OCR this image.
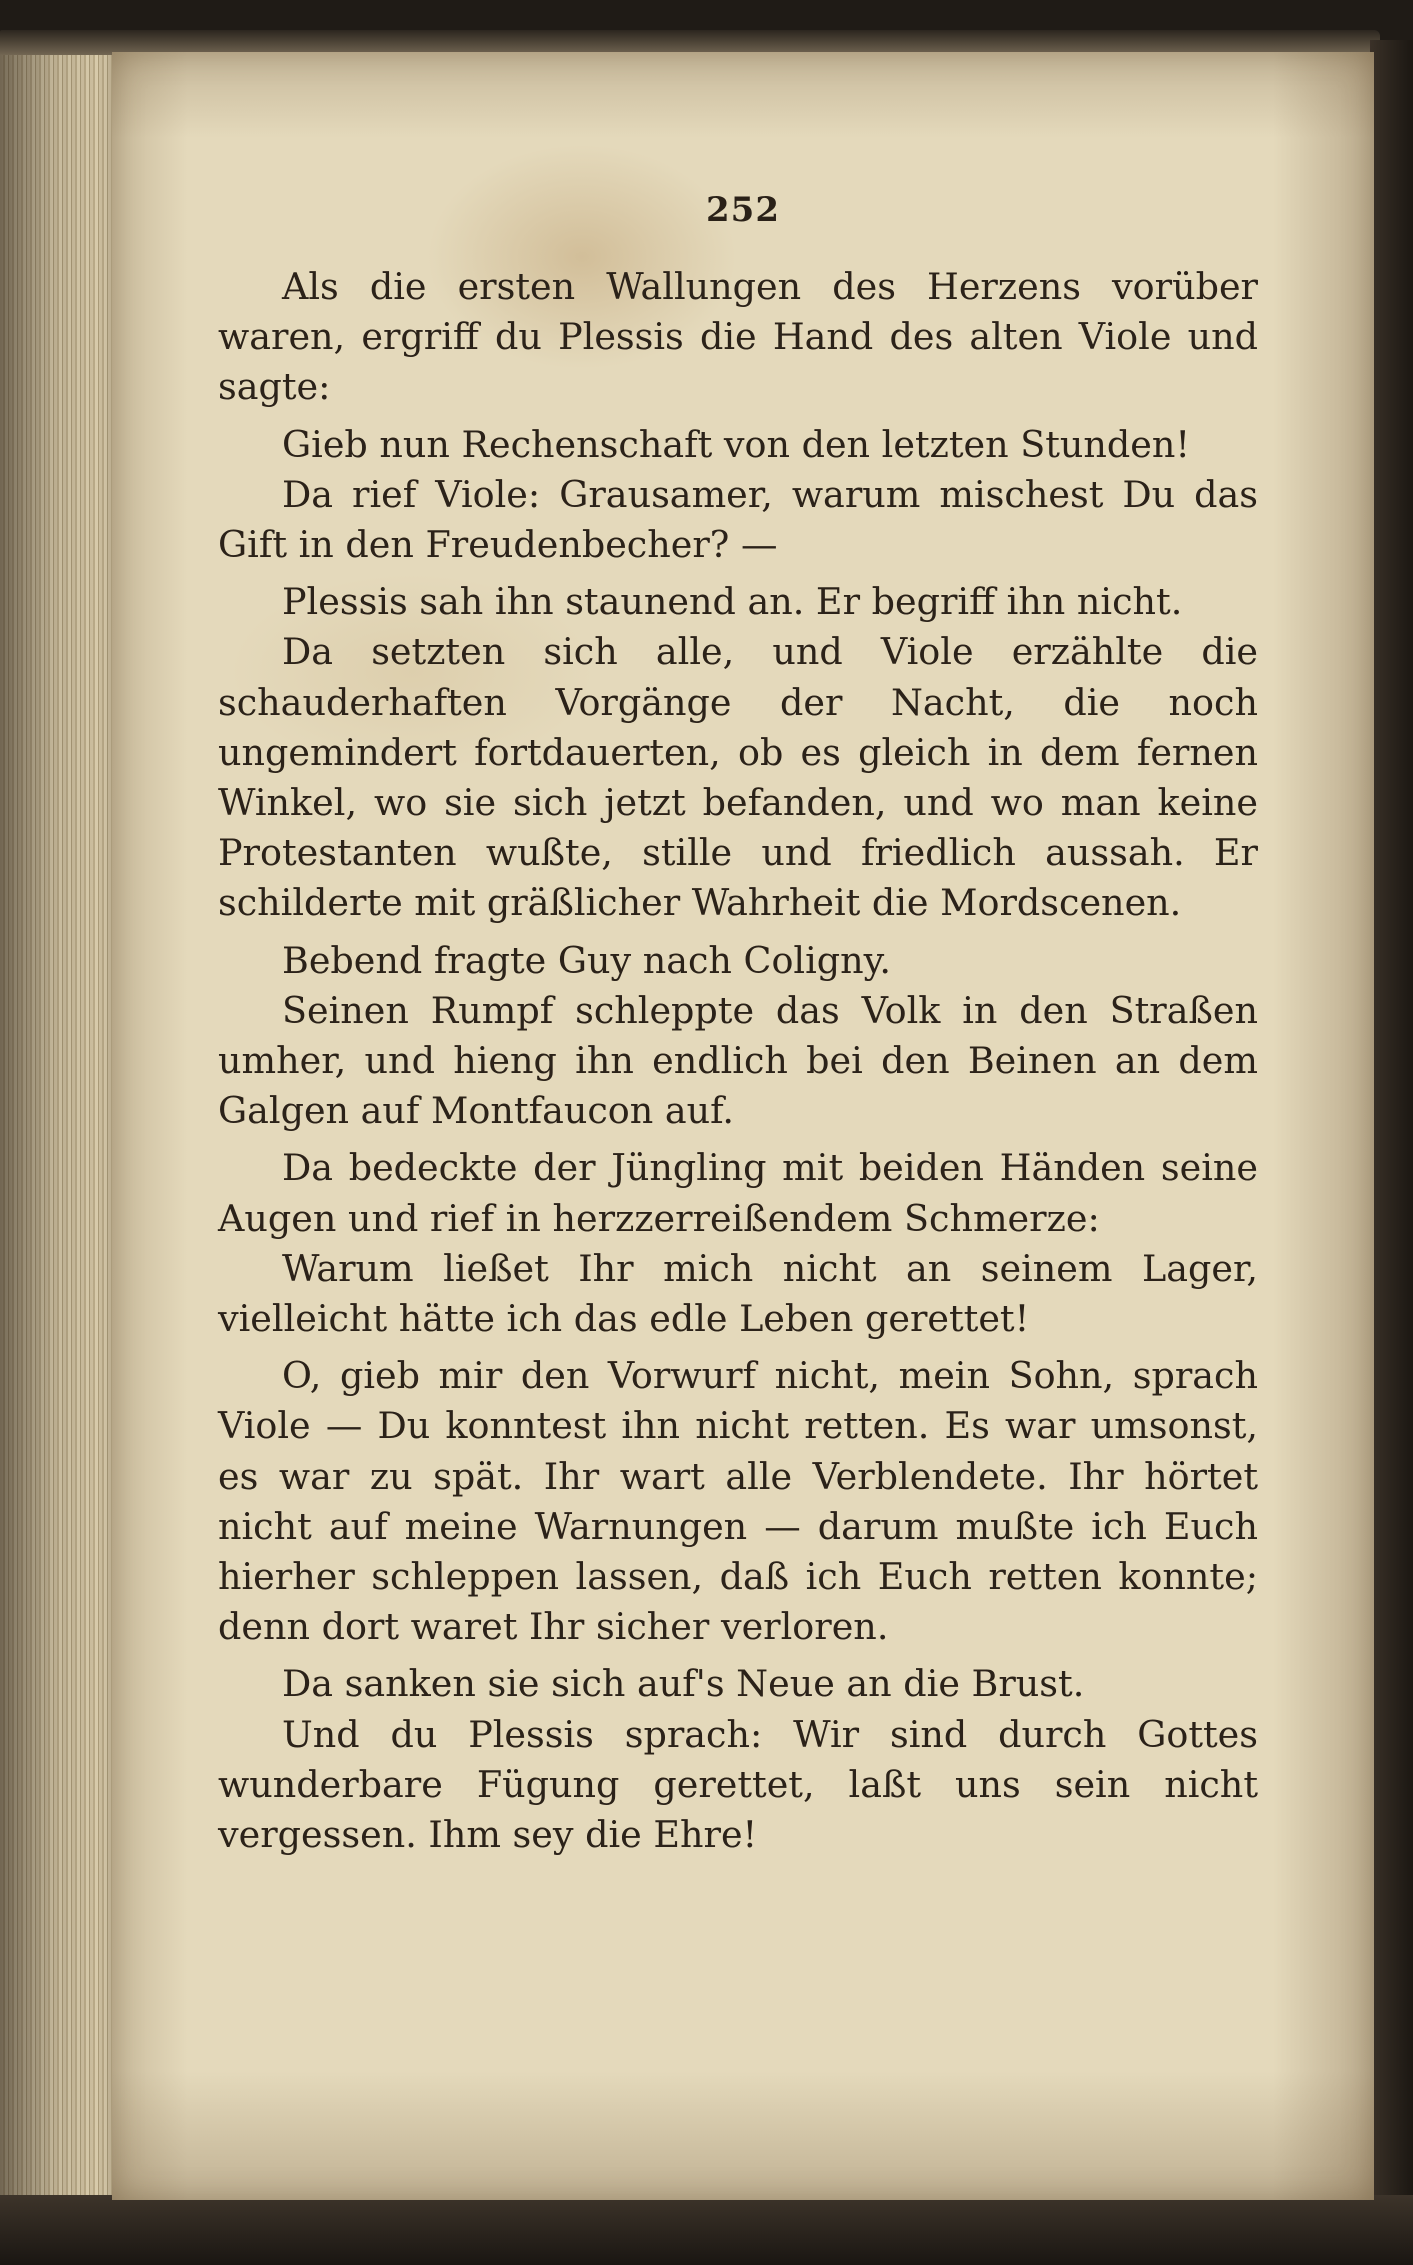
252

Als die ersten Wallungen des Herzens vorüber waren, ergriff du Plessis die Hand des alten Viole und sagte:

Gieb nun Rechenschaft von den letzten Stunden!

Da rief Viole: Grausamer, warum mischest Du das Gift in den Freudenbecher? —

Plessis sah ihn staunend an. Er begriff ihn nicht.

Da setzten sich alle, und Viole erzählte die schauderhaften Vorgänge der Nacht, die noch ungemindert fortdauerten, ob es gleich in dem fernen Winkel, wo sie sich jetzt befanden, und wo man keine Protestanten wußte, stille und friedlich aussah. Er schilderte mit gräßlicher Wahrheit die Mordscenen.

Bebend fragte Guy nach Coligny.

Seinen Rumpf schleppte das Volk in den Straßen umher, und hieng ihn endlich bei den Beinen an dem Galgen auf Montfaucon auf.

Da bedeckte der Jüngling mit beiden Händen seine Augen und rief in herzzerreißendem Schmerze:

Warum ließet Ihr mich nicht an seinem Lager, vielleicht hätte ich das edle Leben gerettet!

O, gieb mir den Vorwurf nicht, mein Sohn, sprach Viole — Du konntest ihn nicht retten. Es war umsonst, es war zu spät. Ihr wart alle Verblendete. Ihr hörtet nicht auf meine Warnungen — darum mußte ich Euch hierher schleppen lassen, daß ich Euch retten konnte; denn dort waret Ihr sicher verloren.

Da sanken sie sich auf's Neue an die Brust.

Und du Plessis sprach: Wir sind durch Gottes wunderbare Fügung gerettet, laßt uns sein nicht vergessen. Ihm sey die Ehre!
